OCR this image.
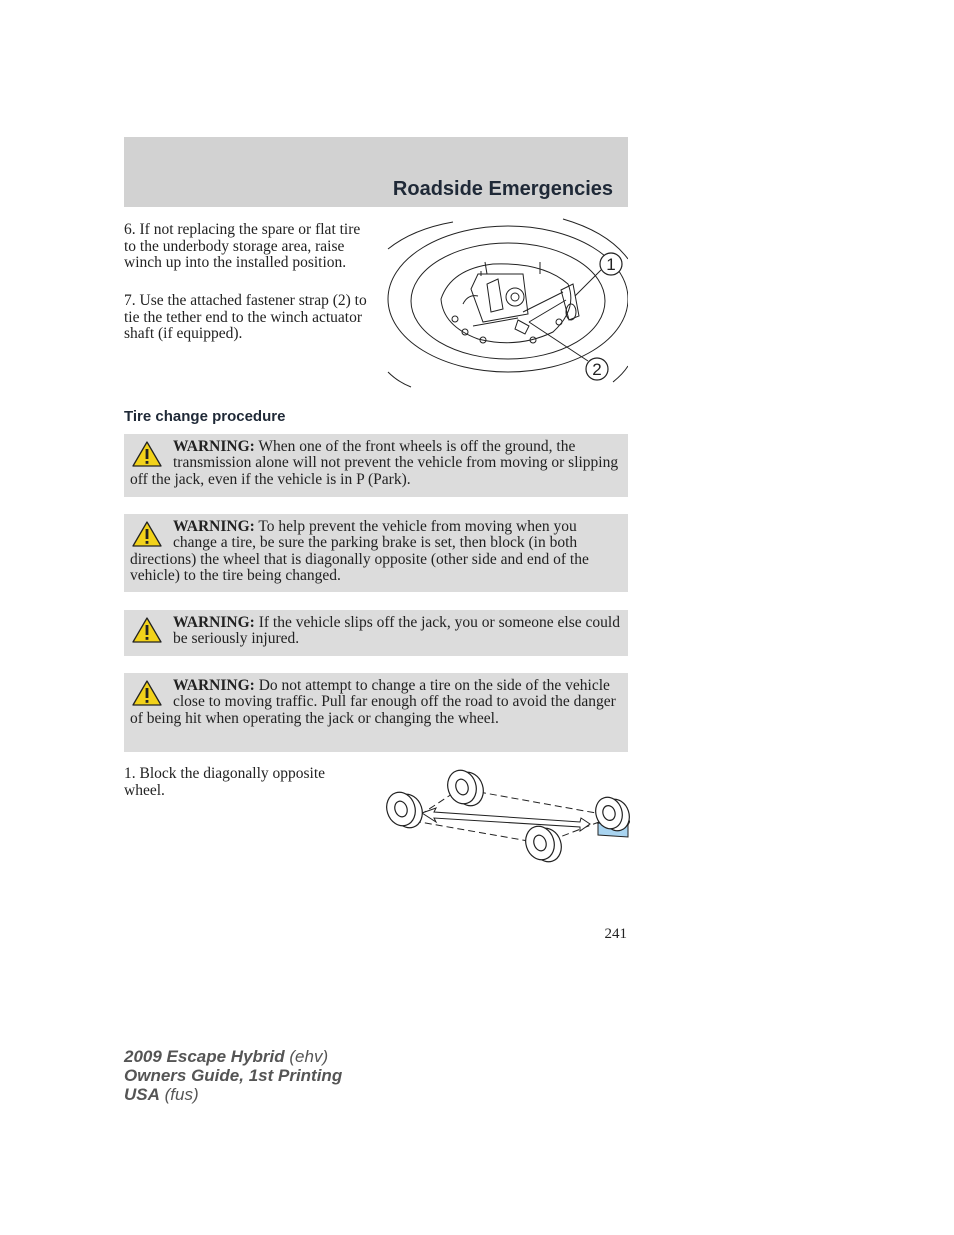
Roadside Emergencies
6. If not replacing the spare or flat tire to the underbody storage area, raise winch up into the installed position.
7. Use the attached fastener strap (2) to tie the tether end to the winch actuator shaft (if equipped).
1
2
Tire change procedure
WARNING: When one of the front wheels is off the ground, the transmission alone will not prevent the vehicle from moving or slipping off the jack, even if the vehicle is in P (Park).
WARNING: To help prevent the vehicle from moving when you change a tire, be sure the parking brake is set, then block (in both directions) the wheel that is diagonally opposite (other side and end of the vehicle) to the tire being changed.
WARNING: If the vehicle slips off the jack, you or someone else could be seriously injured.
WARNING: Do not attempt to change a tire on the side of the vehicle close to moving traffic. Pull far enough off the road to avoid the danger of being hit when operating the jack or changing the wheel.
1. Block the diagonally opposite wheel.
241
2009 Escape Hybrid (ehv)
Owners Guide, 1st Printing
USA (fus)
